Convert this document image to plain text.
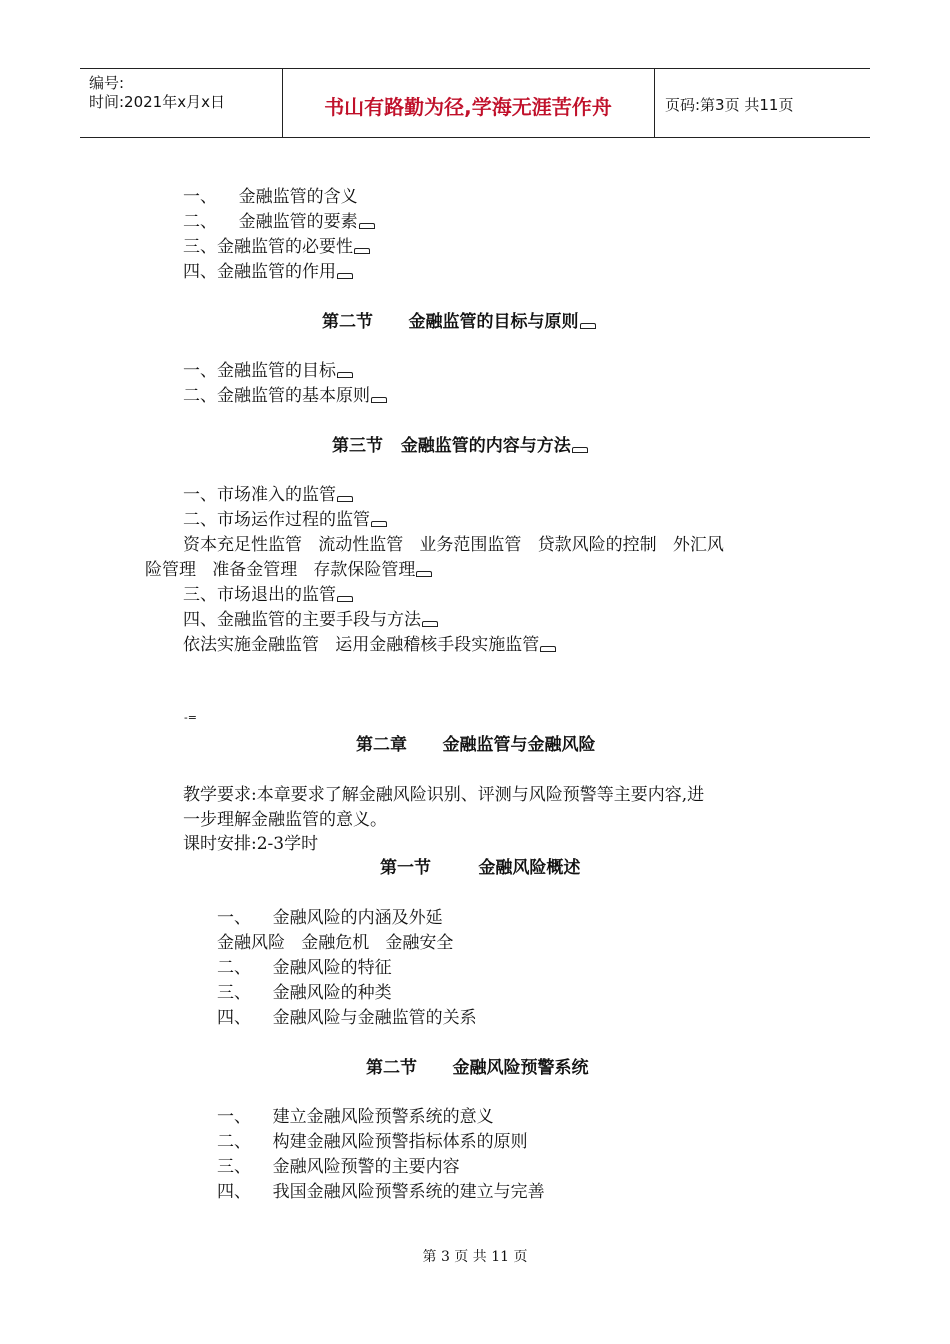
编号:
时间:2021年x月x日	书山有路勤为径,学海无涯苦作舟	页码:第3页 共11页
一、    金融监管的含义
二、    金融监管的要素
三、金融监管的必要性
四、金融监管的作用
第二节      金融监管的目标与原则
一、金融监管的目标
二、金融监管的基本原则
第三节   金融监管的内容与方法
一、市场准入的监管
二、市场运作过程的监管
资本充足性监管   流动性监管   业务范围监管   贷款风险的控制   外汇风
险管理   准备金管理   存款保险管理
三、市场退出的监管
四、金融监管的主要手段与方法
依法实施金融监管   运用金融稽核手段实施监管
-=
第二章      金融监管与金融风险
教学要求:本章要求了解金融风险识别、评测与风险预警等主要内容,进
一步理解金融监管的意义。
课时安排:2-3学时
第一节        金融风险概述
一、    金融风险的内涵及外延
金融风险   金融危机   金融安全
二、    金融风险的特征
三、    金融风险的种类
四、    金融风险与金融监管的关系
第二节      金融风险预警系统
一、    建立金融风险预警系统的意义
二、    构建金融风险预警指标体系的原则
三、    金融风险预警的主要内容
四、    我国金融风险预警系统的建立与完善
第 3 页 共 11 页
